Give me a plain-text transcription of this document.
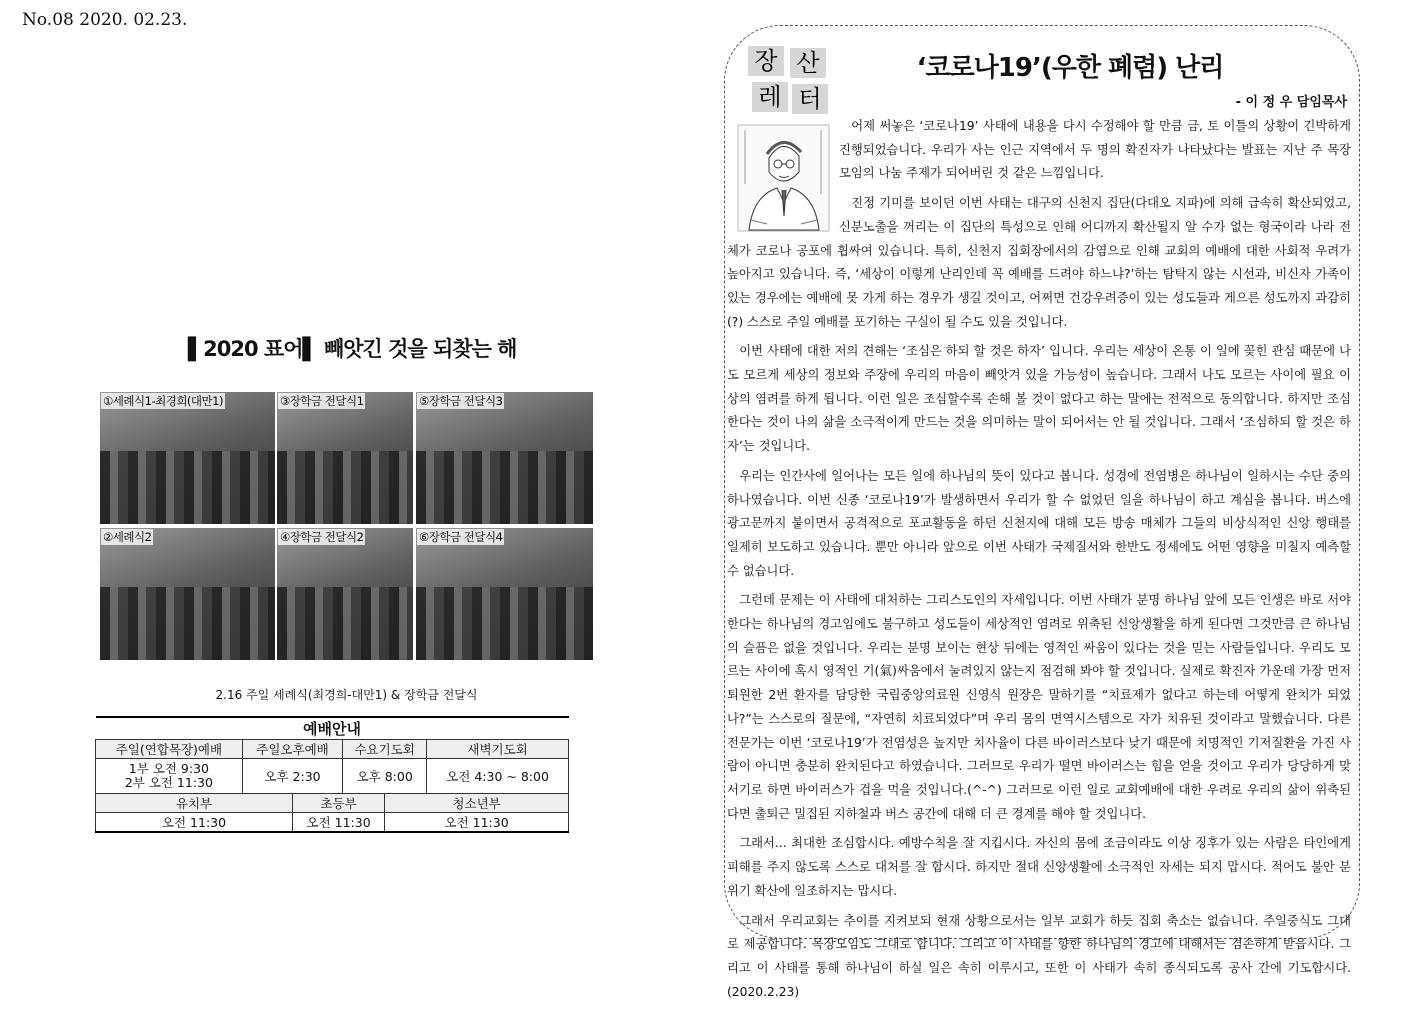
No.08 2020. 02.23.
▌2020 표어▌ 빼앗긴 것을 되찾는 해
①세례식1-최경희(대만1)	③장학금 전달식1	⑤장학금 전달식3
②세례식2	④장학금 전달식2	⑥장학금 전달식4
2.16 주일 세례식(최경희-대만1) & 장학금 전달식
예배안내					
주일(연합목장)예배	주일오후예배		수요기도회		새벽기도회
1부 오전 9:30
2부 오전 11:30	오후 2:30		오후 8:00		오전 4:30 ~ 8:00
유치부		초등부		청소년부	
오전 11:30		오전 11:30		오전 11:30	
장 산
레 터
‘코로나19’(우한 폐렴) 난리
- 이 정 우 담임목사

어제 써놓은 ‘코로나19’ 사태에 내용을 다시 수정해야 할 만큼 금, 토 이틀의 상황이 긴박하게 진행되었습니다. 우리가 사는 인근 지역에서 두 명의 확진자가 나타났다는 발표는 지난 주 목장모임의 나눔 주제가 되어버린 것 같은 느낌입니다.

진정 기미를 보이던 이번 사태는 대구의 신천지 집단(다대오 지파)에 의해 급속히 확산되었고, 신분노출을 꺼리는 이 집단의 특성으로 인해 어디까지 확산될지 알 수가 없는 형국이라 나라 전체가 코로나 공포에 휩싸여 있습니다. 특히, 신천지 집회장에서의 감염으로 인해 교회의 예배에 대한 사회적 우려가 높아지고 있습니다. 즉, ‘세상이 이렇게 난리인데 꼭 예배를 드려야 하느냐?’하는 탐탁지 않는 시선과, 비신자 가족이 있는 경우에는 예배에 못 가게 하는 경우가 생길 것이고, 어쩌면 건강우려증이 있는 성도들과 게으른 성도까지 과감히(?) 스스로 주일 예배를 포기하는 구실이 될 수도 있을 것입니다.

이번 사태에 대한 저의 견해는 ‘조심은 하되 할 것은 하자’ 입니다. 우리는 세상이 온통 이 일에 꽂힌 관심 때문에 나도 모르게 세상의 정보와 주장에 우리의 마음이 빼앗겨 있을 가능성이 높습니다. 그래서 나도 모르는 사이에 필요 이상의 염려를 하게 됩니다. 이런 일은 조심할수록 손해 볼 것이 없다고 하는 말에는 전적으로 동의합니다. 하지만 조심한다는 것이 나의 삶을 소극적이게 만드는 것을 의미하는 말이 되어서는 안 될 것입니다. 그래서 ‘조심하되 할 것은 하자’는 것입니다.

우리는 인간사에 일어나는 모든 일에 하나님의 뜻이 있다고 봅니다. 성경에 전염병은 하나님이 일하시는 수단 중의 하나였습니다. 이번 신종 ‘코로나19’가 발생하면서 우리가 할 수 없었던 일을 하나님이 하고 계심을 봅니다. 버스에 광고문까지 붙이면서 공격적으로 포교활동을 하던 신천지에 대해 모든 방송 매체가 그들의 비상식적인 신앙 행태를 일제히 보도하고 있습니다. 뿐만 아니라 앞으로 이번 사태가 국제질서와 한반도 정세에도 어떤 영향을 미칠지 예측할 수 없습니다.

그런데 문제는 이 사태에 대처하는 그리스도인의 자세입니다. 이번 사태가 분명 하나님 앞에 모든 인생은 바로 서야한다는 하나님의 경고임에도 불구하고 성도들이 세상적인 염려로 위축된 신앙생활을 하게 된다면 그것만큼 큰 하나님의 슬픔은 없을 것입니다. 우리는 분명 보이는 현상 뒤에는 영적인 싸움이 있다는 것을 믿는 사람들입니다. 우리도 모르는 사이에 혹시 영적인 기(氣)싸움에서 눌려있지 않는지 점검해 봐야 할 것입니다. 실제로 확진자 가운데 가장 먼저 퇴원한 2번 환자를 담당한 국립중앙의료원 신영식 원장은 말하기를 “치료제가 없다고 하는데 어떻게 완치가 되었나?”는 스스로의 질문에, “자연히 치료되었다”며 우리 몸의 면역시스템으로 자가 치유된 것이라고 말했습니다. 다른 전문가는 이번 ‘코로나19’가 전염성은 높지만 치사율이 다른 바이러스보다 낮기 때문에 치명적인 기저질환을 가진 사람이 아니면 충분히 완치된다고 하였습니다. 그러므로 우리가 떨면 바이러스는 힘을 얻을 것이고 우리가 당당하게 맞서기로 하면 바이러스가 겁을 먹을 것입니다.(^-^) 그러므로 이런 일로 교회예배에 대한 우려로 우리의 삶이 위축된다면 출퇴근 밀집된 지하철과 버스 공간에 대해 더 큰 경계를 해야 할 것입니다.

그래서... 최대한 조심합시다. 예방수칙을 잘 지킵시다. 자신의 몸에 조금이라도 이상 징후가 있는 사람은 타인에게 피해를 주지 않도록 스스로 대처를 잘 합시다. 하지만 절대 신앙생활에 소극적인 자세는 되지 맙시다. 적어도 불안 분위기 확산에 일조하지는 맙시다.

그래서 우리교회는 추이를 지켜보되 현재 상황으로서는 일부 교회가 하듯 집회 축소는 없습니다. 주일중식도 그대로 제공합니다. 목장모임도 그대로 합니다. 그리고 이 사태를 향한 하나님의 경고에 대해서는 겸손하게 받읍시다. 그리고 이 사태를 통해 하나님이 하실 일은 속히 이루시고, 또한 이 사태가 속히 종식되도록 공사 간에 기도합시다.(2020.2.23)
